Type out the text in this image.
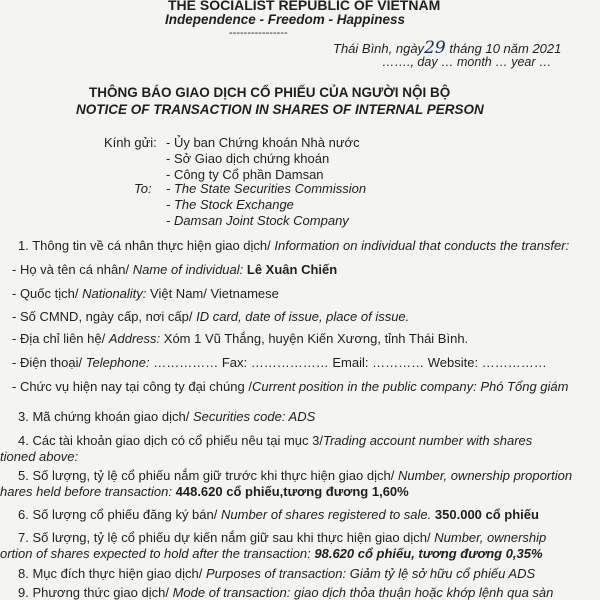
THE SOCIALIST REPUBLIC OF VIETNAM
Independence - Freedom - Happiness
----------------
Thái Bình, ngày29 tháng 10 năm 2021
……., day … month … year …
THÔNG BÁO GIAO DỊCH CỔ PHIẾU CỦA NGƯỜI NỘI BỘ
NOTICE OF TRANSACTION IN SHARES OF INTERNAL PERSON
Kính gửi: - Ủy ban Chứng khoán Nhà nước
- Sở Giao dịch chứng khoán
- Công ty Cổ phần Damsan
To: - The State Securities Commission
- The Stock Exchange
- Damsan Joint Stock Company
1. Thông tin về cá nhân thực hiện giao dịch/ Information on individual that conducts the transfer:
- Họ và tên cá nhân/ Name of individual: Lê Xuân Chiến
- Quốc tịch/ Nationality: Việt Nam/ Vietnamese
- Số CMND, ngày cấp, nơi cấp/ ID card, date of issue, place of issue.
- Địa chỉ liên hệ/ Address: Xóm 1 Vũ Thắng, huyện Kiến Xương, tỉnh Thái Bình.
- Điện thoại/ Telephone: …………… Fax: ……………… Email: ………… Website: ……………
- Chức vụ hiện nay tại công ty đại chúng /Current position in the public company: Phó Tổng giám
3. Mã chứng khoán giao dịch/ Securities code: ADS
4. Các tài khoản giao dịch có cổ phiếu nêu tại mục 3/Trading account number with shares
tioned above:
5. Số lượng, tỷ lệ cổ phiếu nắm giữ trước khi thực hiện giao dịch/ Number, ownership proportion
hares held before transaction: 448.620 cổ phiếu,tương đương 1,60%
6. Số lượng cổ phiếu đăng ký bán/ Number of shares registered to sale. 350.000 cổ phiếu
7. Số lượng, tỷ lệ cổ phiếu dự kiến nắm giữ sau khi thực hiện giao dịch/ Number, ownership
ortion of shares expected to hold after the transaction: 98.620 cổ phiếu, tương đương 0,35%
8. Mục đích thực hiện giao dịch/ Purposes of transaction: Giảm tỷ lệ sở hữu cổ phiếu ADS
9. Phương thức giao dịch/ Mode of transaction: giao dịch thỏa thuận hoặc khớp lệnh qua sàn
